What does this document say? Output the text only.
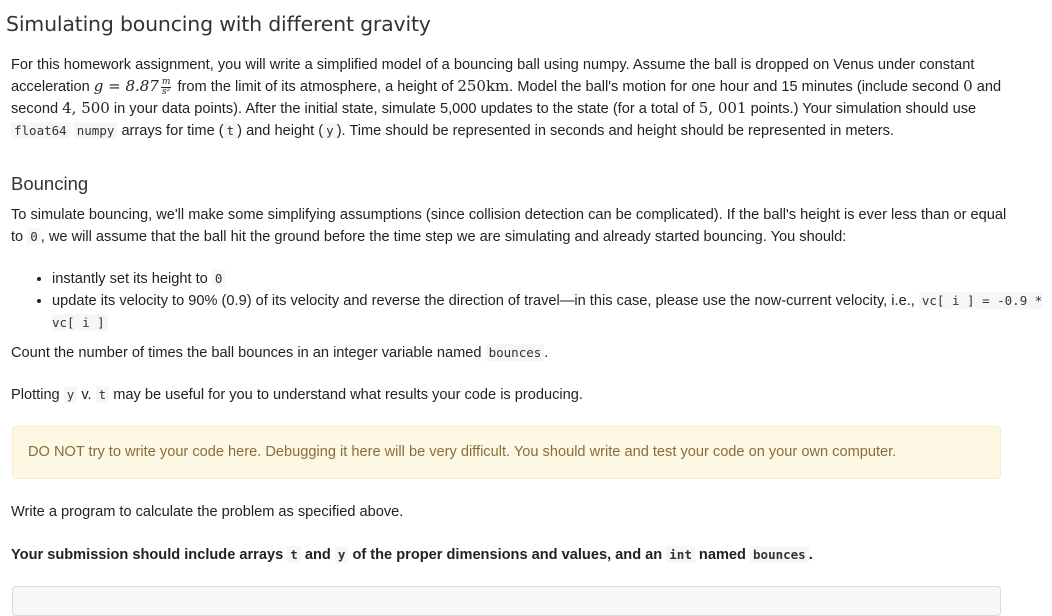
Simulating bouncing with different gravity

For this homework assignment, you will write a simplified model of a bouncing ball using numpy. Assume the ball is dropped on Venus under constant acceleration $g = 8.87 \frac{m}{\text{s²}}$ from the limit of its atmosphere, a height of 250km. Model the ball's motion for one hour and 15 minutes (include second 0 and second 4, 500 in your data points). After the initial state, simulate 5,000 updates to the state (for a total of 5, 001 points.) Your simulation should use float64 numpy arrays for time ( t ) and height ( y ). Time should be represented in seconds and height should be represented in meters.

Bouncing

To simulate bouncing, we'll make some simplifying assumptions (since collision detection can be complicated). If the ball's height is ever less than or equal to 0 , we will assume that the ball hit the ground before the time step we are simulating and already started bouncing. You should:

• instantly set its height to 0
• update its velocity to 90% (0.9) of its velocity and reverse the direction of travel—in this case, please use the now-current velocity, i.e., vc[ i ] = -0.9 * vc[ i ]

Count the number of times the ball bounces in an integer variable named bounces .

Plotting y v. t may be useful for you to understand what results your code is producing.

DO NOT try to write your code here. Debugging it here will be very difficult. You should write and test your code on your own computer.

Write a program to calculate the problem as specified above.

Your submission should include arrays t and y of the proper dimensions and values, and an int named bounces .
